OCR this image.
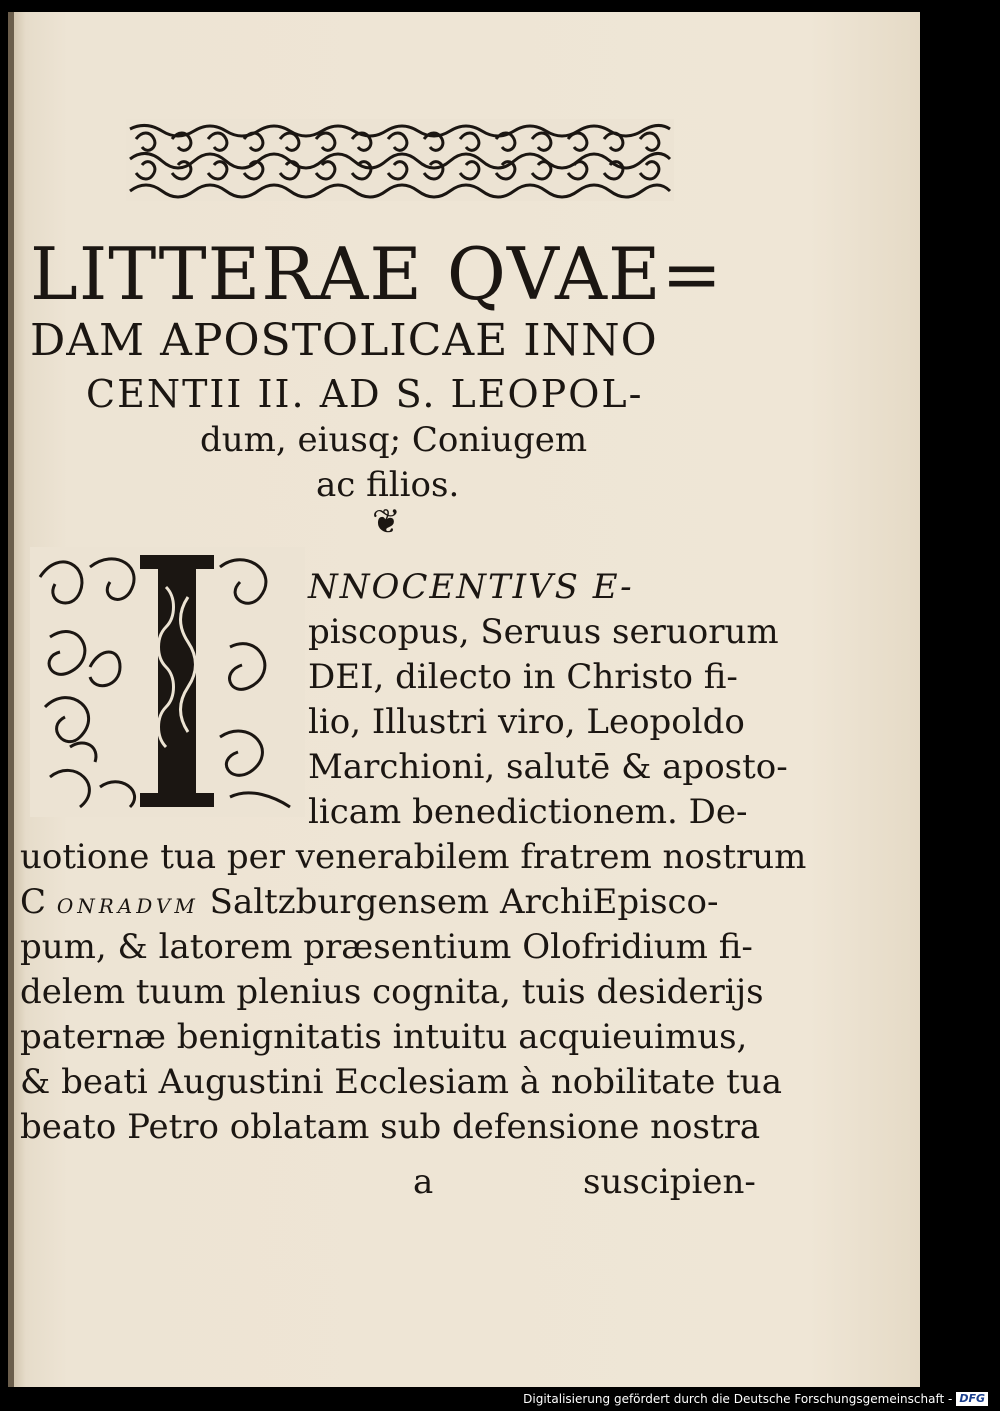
LITTERAE QVAE=
DAM APOSTOLICAE INNO
CENTII II. AD S. LEOPOL-
dum, eiusq; Coniugem
ac filios.
❦
NNOCENTIVS E-
piscopus, Seruus seruorum
DEI, dilecto in Christo fi-
lio, Illustri viro, Leopoldo
Marchioni, salutē & aposto-
licam benedictionem. De-
uotione tua per venerabilem fratrem nostrum
C ONRADVM Saltzburgensem ArchiEpisco-
pum, & latorem præsentium Olofridium fi-
delem tuum plenius cognita, tuis desiderijs
paternæ benignitatis intuitu acquieuimus,
& beati Augustini Ecclesiam à nobilitate tua
beato Petro oblatam sub defensione nostra
a	suscipien-
Digitalisierung gefördert durch die Deutsche Forschungsgemeinschaft - DFG
